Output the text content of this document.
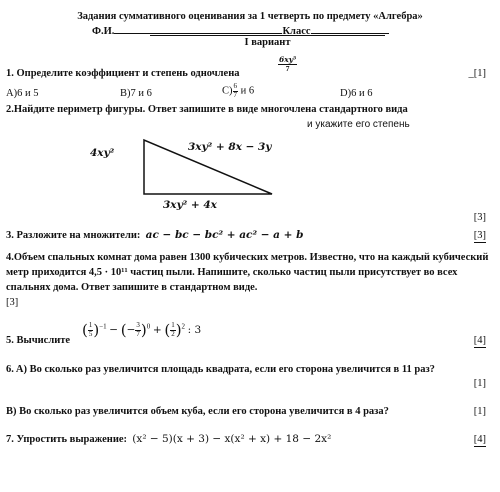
Задания суммативного оценивания за 1 четверть по предмету «Алгебра»
Ф.И.	Класс
I вариант
1. Определите коэффициент и степень одночлена	$\frac{\text{6xy⁵}}{7}$	_[1]
A)6 и 5	B)7 и 6	$C) \frac{6}{7}$ и 6	D)6 и 6
2.Найдите периметр фигуры. Ответ запишите в виде многочлена стандартного вида
и укажите его степень
4xy²	3xy² + 8x − 3y
3xy² + 4x
[3]
3. Разложите на множители: ac − bc − bc² + ac² − a + b	[3]
4.Объем спальных комнат дома равен 1300 кубических метров. Известно, что на каждый кубический метр приходится 4,5 · 10¹¹ частиц пыли. Напишите, сколько частиц пыли присутствует во всех спальнях дома. Ответ запишите в стандартном виде.
[3]
5. Вычислите
( $\frac{1}{5} )^{-1}$ − (− $\frac{3}{7} )^0$ + ( $\frac{1}{2} )^2$ : 3
[4]
6. A) Во сколько раз увеличится площадь квадрата, если его сторона увеличится в 11 раз?
[1]
B) Во сколько раз увеличится объем куба, если его сторона увеличится в 4 раза?	[1]
7. Упростить выражение: (x² − 5)(x + 3) − x(x² + x) + 18 − 2x²	[4]
